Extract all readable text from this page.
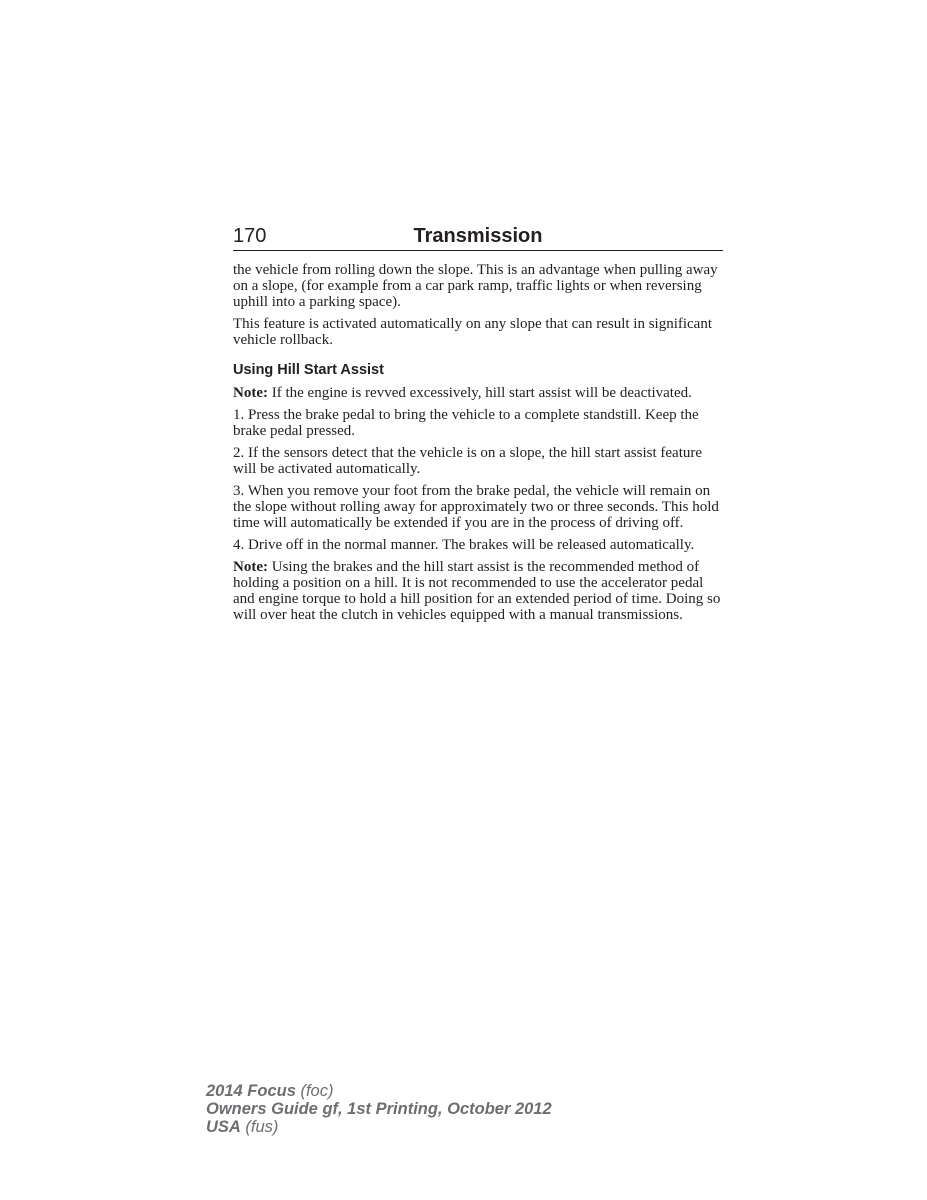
170	Transmission

the vehicle from rolling down the slope. This is an advantage when pulling away on a slope, (for example from a car park ramp, traffic lights or when reversing uphill into a parking space).

This feature is activated automatically on any slope that can result in significant vehicle rollback.

Using Hill Start Assist

Note: If the engine is revved excessively, hill start assist will be deactivated.

1. Press the brake pedal to bring the vehicle to a complete standstill. Keep the brake pedal pressed.

2. If the sensors detect that the vehicle is on a slope, the hill start assist feature will be activated automatically.

3. When you remove your foot from the brake pedal, the vehicle will remain on the slope without rolling away for approximately two or three seconds. This hold time will automatically be extended if you are in the process of driving off.

4. Drive off in the normal manner. The brakes will be released automatically.

Note: Using the brakes and the hill start assist is the recommended method of holding a position on a hill. It is not recommended to use the accelerator pedal and engine torque to hold a hill position for an extended period of time. Doing so will over heat the clutch in vehicles equipped with a manual transmissions.

2014 Focus (foc)
Owners Guide gf, 1st Printing, October 2012
USA (fus)
